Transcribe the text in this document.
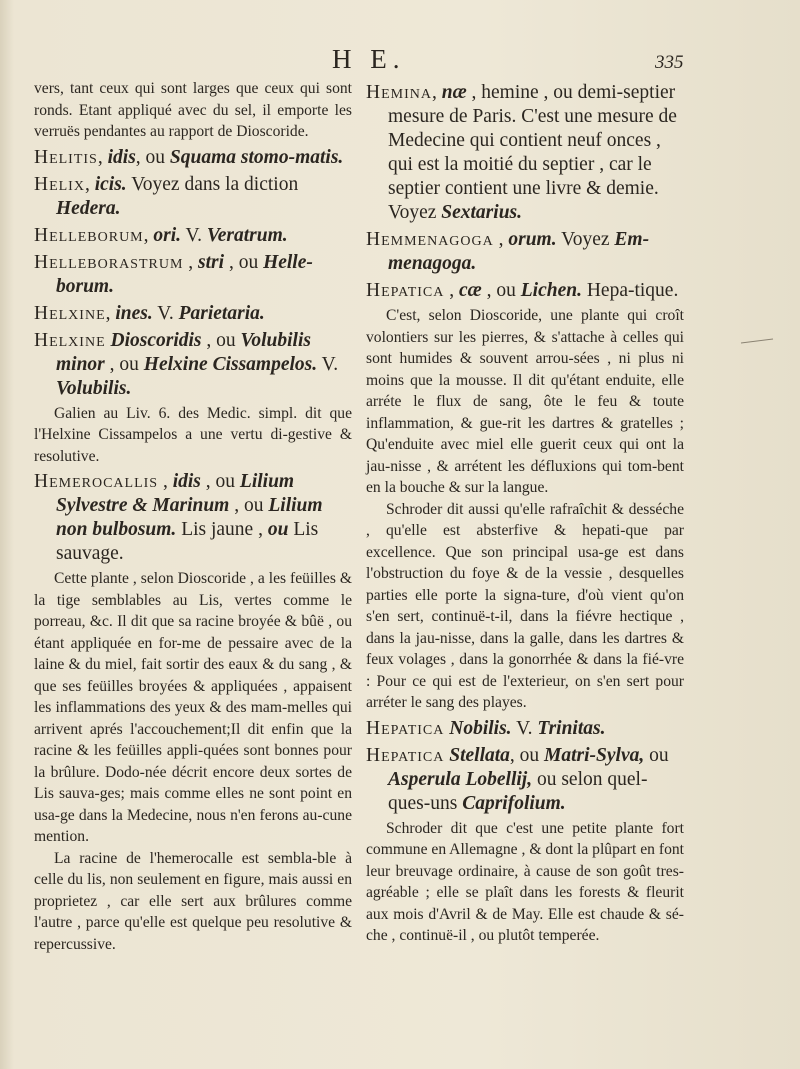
H E.	335

vers, tant ceux qui sont larges que ceux qui sont ronds. Etant appliqué avec du sel, il emporte les verruës pendantes au rapport de Dioscoride.

Helitis, idis, ou Squama stomo-matis.
Helix, icis. Voyez dans la diction Hedera.
Helleborum, ori. V. Veratrum.
Helleborastrum , stri , ou Helle-borum.
Helxine, ines. V. Parietaria.
Helxine Dioscoridis , ou Volubilis minor , ou Helxine Cissampelos. V. Volubilis.

Galien au Liv. 6. des Medic. simpl. dit que l'Helxine Cissampelos a une vertu di-gestive & resolutive.

Hemerocallis , idis , ou Lilium Sylvestre & Marinum , ou Lilium non bulbosum. Lis jaune , ou Lis sauvage.

Cette plante , selon Dioscoride , a les feüilles & la tige semblables au Lis, vertes comme le porreau, &c. Il dit que sa racine broyée & bûë , ou étant appliquée en for-me de pessaire avec de la laine & du miel, fait sortir des eaux & du sang , & que ses feüilles broyées & appliquées , appaisent les inflammations des yeux & des mam-melles qui arrivent aprés l'accouchement;Il dit enfin que la racine & les feüilles appli-quées sont bonnes pour la brûlure. Dodo-née décrit encore deux sortes de Lis sauva-ges; mais comme elles ne sont point en usa-ge dans la Medecine, nous n'en ferons au-cune mention.

La racine de l'hemerocalle est sembla-ble à celle du lis, non seulement en figure, mais aussi en proprietez , car elle sert aux brûlures comme l'autre , parce qu'elle est quelque peu resolutive & repercussive.

Hemina, næ , hemine , ou demi-septier mesure de Paris. C'est une mesure de Medecine qui contient neuf onces , qui est la moitié du septier , car le septier contient une livre & demie. Voyez Sextarius.
Hemmenagoga , orum. Voyez Em-menagoga.
Hepatica , cæ , ou Lichen. Hepa-tique.

C'est, selon Dioscoride, une plante qui croît volontiers sur les pierres, & s'attache à celles qui sont humides & souvent arrou-sées , ni plus ni moins que la mousse. Il dit qu'étant enduite, elle arréte le flux de sang, ôte le feu & toute inflammation, & gue-rit les dartres & gratelles ; Qu'enduite avec miel elle guerit ceux qui ont la jau-nisse , & arrétent les défluxions qui tom-bent en la bouche & sur la langue.

Schroder dit aussi qu'elle rafraîchit & desséche , qu'elle est absterfive & hepati-que par excellence. Que son principal usa-ge est dans l'obstruction du foye & de la vessie , desquelles parties elle porte la signa-ture, d'où vient qu'on s'en sert, continuë-t-il, dans la fiévre hectique , dans la jau-nisse, dans la galle, dans les dartres & feux volages , dans la gonorrhée & dans la fié-vre : Pour ce qui est de l'exterieur, on s'en sert pour arréter le sang des playes.

Hepatica Nobilis. V. Trinitas.
Hepatica Stellata, ou Matri-Sylva, ou Asperula Lobellij, ou selon quel-ques-uns Caprifolium.

Schroder dit que c'est une petite plante fort commune en Allemagne , & dont la plûpart en font leur breuvage ordinaire, à cause de son goût tres-agréable ; elle se plaît dans les forests & fleurit aux mois d'Avril & de May. Elle est chaude & sé-che , continuë-il , ou plutôt temperée.
